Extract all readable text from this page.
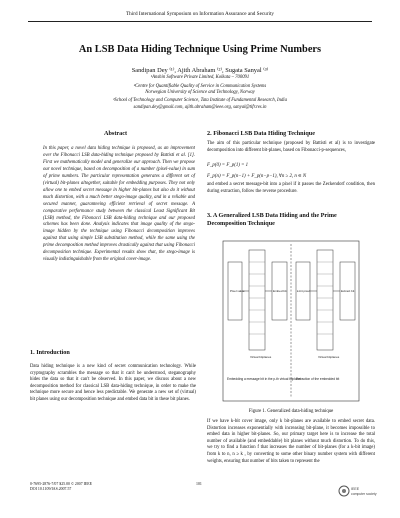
Third International Symposium on Information Assurance and Security
An LSB Data Hiding Technique Using Prime Numbers
Sandipan Dey ⁽¹⁾, Ajith Abraham ⁽²⁾, Sugata Sanyal ⁽³⁾
¹Anshin Software Private Limited, Kolkata – 700091
²Centre for Quantifiable Quality of Service in Communication Systems
Norwegian University of Science and Technology, Norway
³School of Technology and Computer Science, Tata Institute of Fundamental Research, India
sandipan.dey@gmail.com, ajith.abraham@ieee.org, sanyal@tifr.res.in
Abstract
In this paper, a novel data hiding technique is proposed, as an improvement over the Fibonacci LSB data-hiding technique proposed by Battisti et al. [1]. First we mathematically model and generalize our approach. Then we propose our novel technique, based on decomposition of a number (pixel-value) in sum of prime numbers. The particular representation generates a different set of (virtual) bit-planes altogether, suitable for embedding purposes. They not only allow one to embed secret message in higher bit-planes but also do it without much distortion, with a much better stego-image quality, and in a reliable and secured manner, guaranteeing efficient retrieval of secret message. A comparative performance study between the classical Least Significant Bit (LSB) method, the Fibonacci LSB data-hiding technique and our proposed schemes has been done. Analysis indicates that image quality of the stego-image hidden by the technique using Fibonacci decomposition improves against that using simple LSB substitution method, while the same using the prime decomposition method improves drastically against that using Fibonacci decomposition technique. Experimental results show that, the stego-image is visually indistinguishable from the original cover-image.
1. Introduction
Data hiding technique is a new kind of secret communication technology. While cryptography scrambles the message so that it can't be understood, steganography hides the data so that it can't be observed. In this paper, we discuss about a new decomposition method for classical LSB data-hiding technique, in order to make the technique more secure and hence less predictable. We generate a new set of (virtual) bit planes using our decomposition technique and embed data bit in these bit planes.
2. Fibonacci LSB Data Hiding Technique
The aim of this particular technique (proposed by Battisti et al) is to investigate decomposition into different bit-planes, based on Fibonacci-p-sequences,
F_p(0) = F_p(1) = 1
F_p(n) = F_p(n−1) + F_p(n−p−1), ∀n ≥ 2, n ∈ N
and embed a secret message-bit into a pixel if it passes the Zeckendorf condition, then during extraction, follow the reverse procedure.
3. A Generalized LSB Data Hiding and the Prime Decomposition Technique
Pixel value
Virtual bitplanes
Embed bit
Embedding a message bit in the p-th virtual bitplane
k-bit pixel
Virtual bitplanes
Extract bit
Extraction of the embedded bit
Figure 1. Generalized data-hiding technique
If we have k-bit cover image, only k bit-planes are available to embed secret data. Distortion increases exponentially with increasing bit-plane, it becomes impossible to embed data in higher bit-planes. So, our primary target here is to increase the total number of available (and embeddable) bit planes without much distortion. To do this, we try to find a function f that increases the number of bit-planes (for a k-bit image) from k to n, n ≥ k , by converting to some other binary number system with different weights, ensuring that number of bits taken to represent the
0-7695-2876-7/07 $25.00 © 2007 IEEE
DOI 10.1109/IAS.2007.57
101
IEEE
computer society
